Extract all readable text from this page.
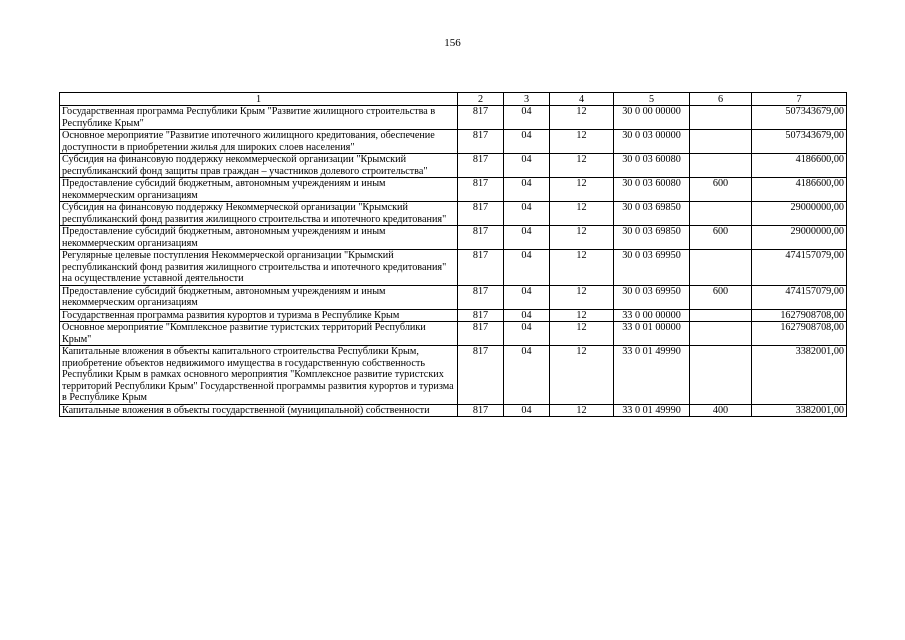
156
1	2	3	4	5	6	7
Государственная программа Республики Крым "Развитие жилищного строительства в Республике Крым"	817	04	12	30 0 00 00000		507343679,00
Основное мероприятие "Развитие ипотечного жилищного кредитования, обеспечение доступности в приобретении жилья для широких слоев населения"	817	04	12	30 0 03 00000		507343679,00
Субсидия на финансовую поддержку некоммерческой организации "Крымский республиканский фонд защиты прав граждан – участников долевого строительства"	817	04	12	30 0 03 60080		4186600,00
Предоставление субсидий бюджетным, автономным учреждениям и иным некоммерческим организациям	817	04	12	30 0 03 60080	600	4186600,00
Субсидия на финансовую поддержку Некоммерческой организации "Крымский республиканский фонд развития жилищного строительства и ипотечного кредитования"	817	04	12	30 0 03 69850		29000000,00
Предоставление субсидий бюджетным, автономным учреждениям и иным некоммерческим организациям	817	04	12	30 0 03 69850	600	29000000,00
Регулярные целевые поступления Некоммерческой организации "Крымский республиканский фонд развития жилищного строительства и ипотечного кредитования" на осуществление уставной деятельности	817	04	12	30 0 03 69950		474157079,00
Предоставление субсидий бюджетным, автономным учреждениям и иным некоммерческим организациям	817	04	12	30 0 03 69950	600	474157079,00
Государственная программа развития курортов и туризма в Республике Крым	817	04	12	33 0 00 00000		1627908708,00
Основное мероприятие "Комплексное развитие туристских территорий Республики Крым"	817	04	12	33 0 01 00000		1627908708,00
Капитальные вложения в объекты капитального строительства Республики Крым, приобретение объектов недвижимого имущества в государственную собственность Республики Крым в рамках основного мероприятия "Комплексное развитие туристских территорий Республики Крым" Государственной программы развития курортов и туризма в Республике Крым	817	04	12	33 0 01 49990		3382001,00
Капитальные вложения в объекты государственной (муниципальной) собственности	817	04	12	33 0 01 49990	400	3382001,00
